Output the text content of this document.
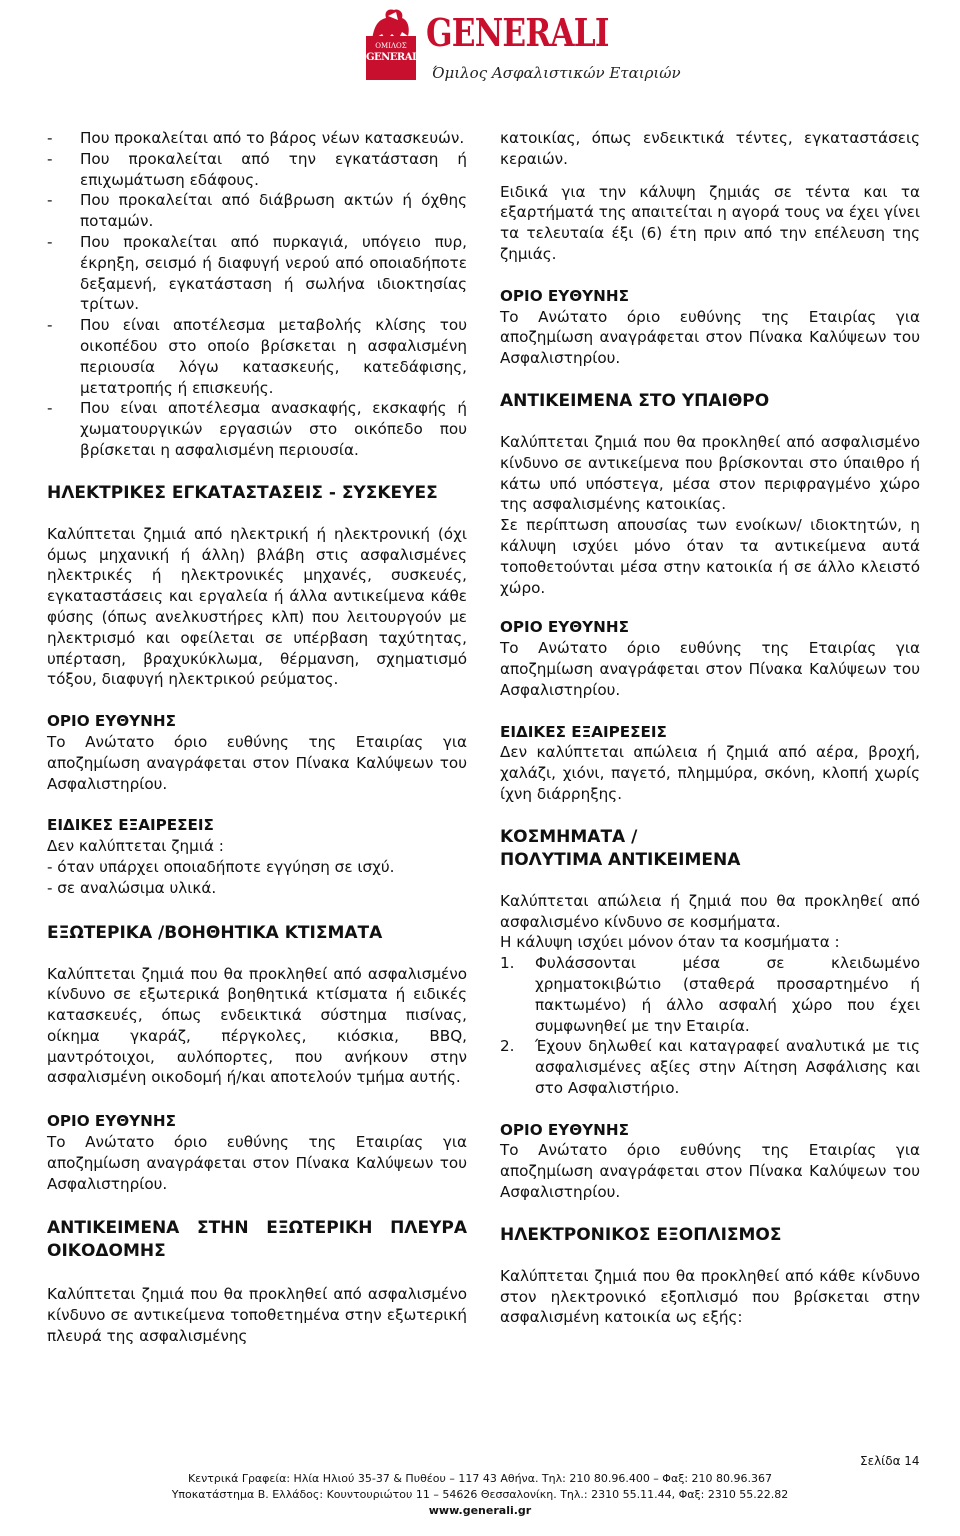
ΟΜΙΛΟΣ
GENERALI
GENERALI
Όμιλος Ασφαλιστικών Εταιριών

- Που προκαλείται από το βάρος νέων κατασκευών.

- Που προκαλείται από την εγκατάσταση ή επιχωμάτωση εδάφους.

- Που προκαλείται από διάβρωση ακτών ή όχθης ποταμών.

- Που προκαλείται από πυρκαγιά, υπόγειο πυρ, έκρηξη, σεισμό ή διαφυγή νερού από οποιαδήποτε δεξαμενή, εγκατάσταση ή σωλήνα ιδιοκτησίας τρίτων.

- Που είναι αποτέλεσμα μεταβολής κλίσης του οικοπέδου στο οποίο βρίσκεται η ασφαλισμένη περιουσία λόγω κατασκευής, κατεδάφισης, μετατροπής ή επισκευής.

- Που είναι αποτέλεσμα ανασκαφής, εκσκαφής ή χωματουργικών εργασιών στο οικόπεδο που βρίσκεται η ασφαλισμένη περιουσία.

ΗΛΕΚΤΡΙΚΕΣ ΕΓΚΑΤΑΣΤΑΣΕΙΣ - ΣΥΣΚΕΥΕΣ

Καλύπτεται ζημιά από ηλεκτρική ή ηλεκτρονική (όχι όμως μηχανική ή άλλη) βλάβη στις ασφαλισμένες ηλεκτρικές ή ηλεκτρονικές μηχανές, συσκευές, εγκαταστάσεις και εργαλεία ή άλλα αντικείμενα κάθε φύσης (όπως ανελκυστήρες κλπ) που λειτουργούν με ηλεκτρισμό και οφείλεται σε υπέρβαση ταχύτητας, υπέρταση, βραχυκύκλωμα, θέρμανση, σχηματισμό τόξου, διαφυγή ηλεκτρικού ρεύματος.

ΟΡΙΟ ΕΥΘΥΝΗΣ

Το Ανώτατο όριο ευθύνης της Εταιρίας για αποζημίωση αναγράφεται στον Πίνακα Καλύψεων του Ασφαλιστηρίου.

ΕΙΔΙΚΕΣ ΕΞΑΙΡΕΣΕΙΣ

Δεν καλύπτεται ζημιά :

- όταν υπάρχει οποιαδήποτε εγγύηση σε ισχύ.

- σε αναλώσιμα υλικά.

ΕΞΩΤΕΡΙΚΑ /ΒΟΗΘΗΤΙΚΑ ΚΤΙΣΜΑΤΑ

Καλύπτεται ζημιά που θα προκληθεί από ασφαλισμένο κίνδυνο σε εξωτερικά βοηθητικά κτίσματα ή ειδικές κατασκευές, όπως ενδεικτικά σύστημα πισίνας, οίκημα γκαράζ, πέργκολες, κιόσκια, BBQ, μαντρότοιχοι, αυλόπορτες, που ανήκουν στην ασφαλισμένη οικοδομή ή/και αποτελούν τμήμα αυτής.

ΟΡΙΟ ΕΥΘΥΝΗΣ

Το Ανώτατο όριο ευθύνης της Εταιρίας για αποζημίωση αναγράφεται στον Πίνακα Καλύψεων του Ασφαλιστηρίου.

ΑΝΤΙΚΕΙΜΕΝΑ ΣΤΗΝ ΕΞΩΤΕΡΙΚΗ ΠΛΕΥΡΑ ΟΙΚΟΔΟΜΗΣ

Καλύπτεται ζημιά που θα προκληθεί από ασφαλισμένο κίνδυνο σε αντικείμενα τοποθετημένα στην εξωτερική πλευρά της ασφαλισμένης

κατοικίας, όπως ενδεικτικά τέντες, εγκαταστάσεις κεραιών.

Ειδικά για την κάλυψη ζημιάς σε τέντα και τα εξαρτήματά της απαιτείται η αγορά τους να έχει γίνει τα τελευταία έξι (6) έτη πριν από την επέλευση της ζημιάς.

ΟΡΙΟ ΕΥΘΥΝΗΣ

Το Ανώτατο όριο ευθύνης της Εταιρίας για αποζημίωση αναγράφεται στον Πίνακα Καλύψεων του Ασφαλιστηρίου.

ΑΝΤΙΚΕΙΜΕΝΑ ΣΤΟ ΥΠΑΙΘΡΟ

Καλύπτεται ζημιά που θα προκληθεί από ασφαλισμένο κίνδυνο σε αντικείμενα που βρίσκονται στο ύπαιθρο ή κάτω υπό υπόστεγα, μέσα στον περιφραγμένο χώρο της ασφαλισμένης κατοικίας.

Σε περίπτωση απουσίας των ενοίκων/ ιδιοκτητών, η κάλυψη ισχύει μόνο όταν τα αντικείμενα αυτά τοποθετούνται μέσα στην κατοικία ή σε άλλο κλειστό χώρο.

ΟΡΙΟ ΕΥΘΥΝΗΣ

Το Ανώτατο όριο ευθύνης της Εταιρίας για αποζημίωση αναγράφεται στον Πίνακα Καλύψεων του Ασφαλιστηρίου.

ΕΙΔΙΚΕΣ ΕΞΑΙΡΕΣΕΙΣ

Δεν καλύπτεται απώλεια ή ζημιά από αέρα, βροχή, χαλάζι, χιόνι, παγετό, πλημμύρα, σκόνη, κλοπή χωρίς ίχνη διάρρηξης.

ΚΟΣΜΗΜΑΤΑ /
ΠΟΛΥΤΙΜΑ ΑΝΤΙΚΕΙΜΕΝΑ

Καλύπτεται απώλεια ή ζημιά που θα προκληθεί από ασφαλισμένο κίνδυνο σε κοσμήματα.

Η κάλυψη ισχύει μόνον όταν τα κοσμήματα :

1.	Φυλάσσονται μέσα σε κλειδωμένο χρηματοκιβώτιο (σταθερά προσαρτημένο ή πακτωμένο) ή άλλο ασφαλή χώρο που έχει συμφωνηθεί με την Εταιρία.
2.	Έχουν δηλωθεί και καταγραφεί αναλυτικά με τις ασφαλισμένες αξίες στην Αίτηση Ασφάλισης και στο Ασφαλιστήριο.

ΟΡΙΟ ΕΥΘΥΝΗΣ

Το Ανώτατο όριο ευθύνης της Εταιρίας για αποζημίωση αναγράφεται στον Πίνακα Καλύψεων του Ασφαλιστηρίου.

ΗΛΕΚΤΡΟΝΙΚΟΣ ΕΞΟΠΛΙΣΜΟΣ

Καλύπτεται ζημιά που θα προκληθεί από κάθε κίνδυνο στον ηλεκτρονικό εξοπλισμό που βρίσκεται στην ασφαλισμένη κατοικία ως εξής:

Σελίδα 14
Κεντρικά Γραφεία: Ηλία Ηλιού 35-37 & Πυθέου – 117 43 Αθήνα. Τηλ: 210 80.96.400 – Φαξ: 210 80.96.367
Υποκατάστημα Β. Ελλάδος: Κουντουριώτου 11 – 54626 Θεσσαλονίκη. Τηλ.: 2310 55.11.44, Φαξ: 2310 55.22.82
www.generali.gr
